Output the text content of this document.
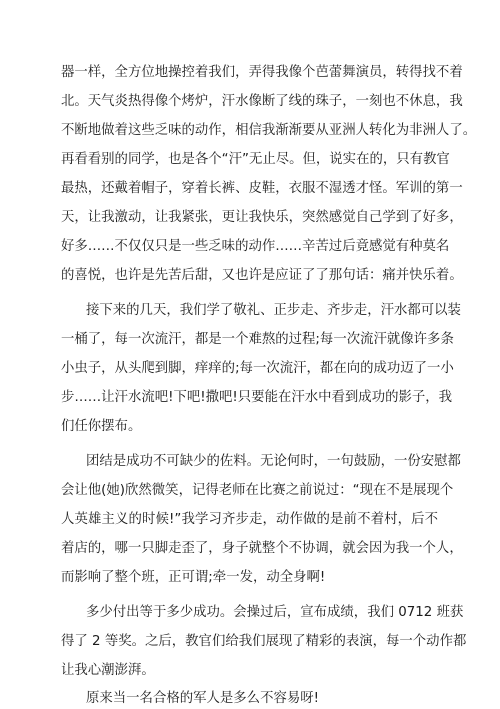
器一样，全方位地操控着我们，弄得我像个芭蕾舞演员，转得找不着
北。天气炎热得像个烤炉，汗水像断了线的珠子，一刻也不休息，我
不断地做着这些乏味的动作，相信我渐渐要从亚洲人转化为非洲人了。
再看看别的同学，也是各个“汗”无止尽。但，说实在的，只有教官
最热，还戴着帽子，穿着长裤、皮鞋，衣服不湿透才怪。军训的第一
天，让我激动，让我紧张，更让我快乐，突然感觉自己学到了好多，
好多……不仅仅只是一些乏味的动作……辛苦过后竟感觉有种莫名
的喜悦，也许是先苦后甜，又也许是应证了了那句话：痛并快乐着。
接下来的几天，我们学了敬礼、正步走、齐步走，汗水都可以装
一桶了，每一次流汗，都是一个难熬的过程;每一次流汗就像许多条
小虫子，从头爬到脚，痒痒的;每一次流汗，都在向的成功迈了一小
步……让汗水流吧!下吧!撒吧!只要能在汗水中看到成功的影子，我
们任你摆布。
团结是成功不可缺少的佐料。无论何时，一句鼓励，一份安慰都
会让他(她)欣然微笑，记得老师在比赛之前说过：“现在不是展现个
人英雄主义的时候!”我学习齐步走，动作做的是前不着村，后不
着店的，哪一只脚走歪了，身子就整个不协调，就会因为我一个人，
而影响了整个班，正可谓;牵一发，动全身啊!
多少付出等于多少成功。会操过后，宣布成绩，我们 0712 班获
得了 2 等奖。之后，教官们给我们展现了精彩的表演，每一个动作都
让我心潮澎湃。
原来当一名合格的军人是多么不容易呀!
